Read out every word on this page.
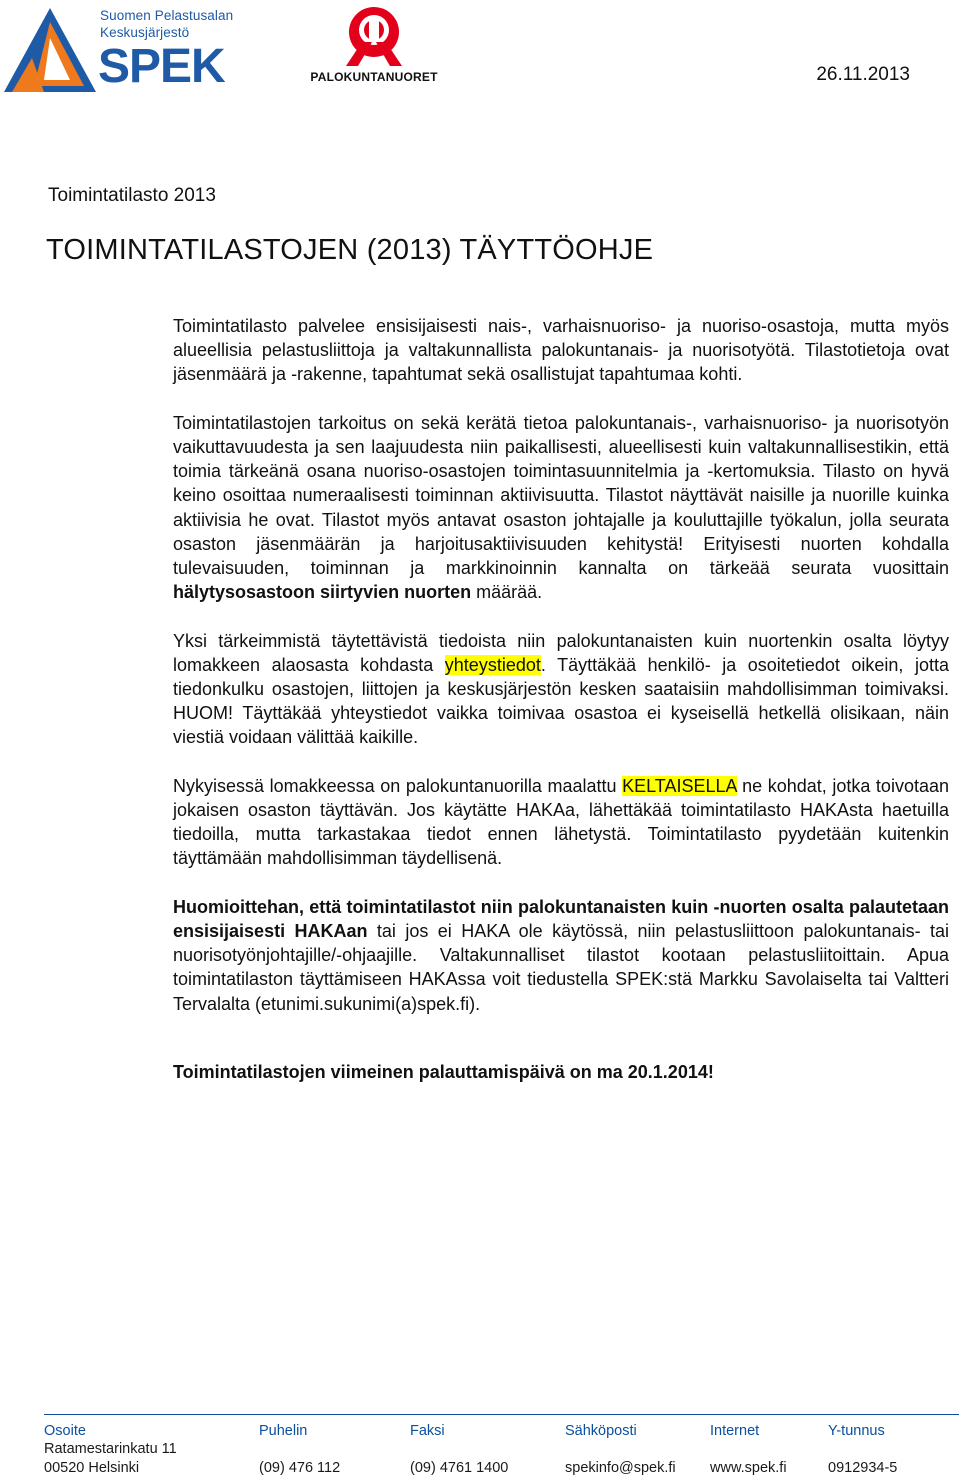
Suomen Pelastusalan
Keskusjärjestö
SPEK	PALOKUNTANUORET	26.11.2013
Toimintatilasto 2013
TOIMINTATILASTOJEN (2013) TÄYTTÖOHJE

Toimintatilasto palvelee ensisijaisesti nais-, varhaisnuoriso- ja nuoriso-osastoja, mutta myös alueellisia pelastusliittoja ja valtakunnallista palokuntanais- ja nuorisotyötä. Tilastotietoja ovat jäsenmäärä ja -rakenne, tapahtumat sekä osallistujat tapahtumaa kohti.

Toimintatilastojen tarkoitus on sekä kerätä tietoa palokuntanais-, varhaisnuoriso- ja nuorisotyön vaikuttavuudesta ja sen laajuudesta niin paikallisesti, alueellisesti kuin valtakunnallisestikin, että toimia tärkeänä osana nuoriso-osastojen toimintasuunnitelmia ja -kertomuksia. Tilasto on hyvä keino osoittaa numeraalisesti toiminnan aktiivisuutta. Tilastot näyttävät naisille ja nuorille kuinka aktiivisia he ovat. Tilastot myös antavat osaston johtajalle ja kouluttajille työkalun, jolla seurata osaston jäsenmäärän ja harjoitusaktiivisuuden kehitystä! Erityisesti nuorten kohdalla tulevaisuuden, toiminnan ja markkinoinnin kannalta on tärkeää seurata vuosittain hälytysosastoon siirtyvien nuorten määrää.

Yksi tärkeimmistä täytettävistä tiedoista niin palokuntanaisten kuin nuortenkin osalta löytyy lomakkeen alaosasta kohdasta yhteystiedot. Täyttäkää henkilö- ja osoitetiedot oikein, jotta tiedonkulku osastojen, liittojen ja keskusjärjestön kesken saataisiin mahdollisimman toimivaksi. HUOM! Täyttäkää yhteystiedot vaikka toimivaa osastoa ei kyseisellä hetkellä olisikaan, näin viestiä voidaan välittää kaikille.

Nykyisessä lomakkeessa on palokuntanuorilla maalattu KELTAISELLA ne kohdat, jotka toivotaan jokaisen osaston täyttävän. Jos käytätte HAKAa, lähettäkää toimintatilasto HAKAsta haetuilla tiedoilla, mutta tarkastakaa tiedot ennen lähetystä. Toimintatilasto pyydetään kuitenkin täyttämään mahdollisimman täydellisenä.

Huomioittehan, että toimintatilastot niin palokuntanaisten kuin -nuorten osalta palautetaan ensisijaisesti HAKAan tai jos ei HAKA ole käytössä, niin pelastusliittoon palokuntanais- tai nuorisotyönjohtajille/-ohjaajille. Valtakunnalliset tilastot kootaan pelastusliitoittain. Apua toimintatilaston täyttämiseen HAKAssa voit tiedustella SPEK:stä Markku Savolaiselta tai Valtteri Tervalalta (etunimi.sukunimi(a)spek.fi).

Toimintatilastojen viimeinen palauttamispäivä on ma 20.1.2014!

Osoite
Ratamestarinkatu 11
00520 Helsinki
Puhelin

(09) 476 112
Faksi

(09) 4761 1400
Sähköposti

spekinfo@spek.fi
Internet

www.spek.fi
Y-tunnus

0912934-5
